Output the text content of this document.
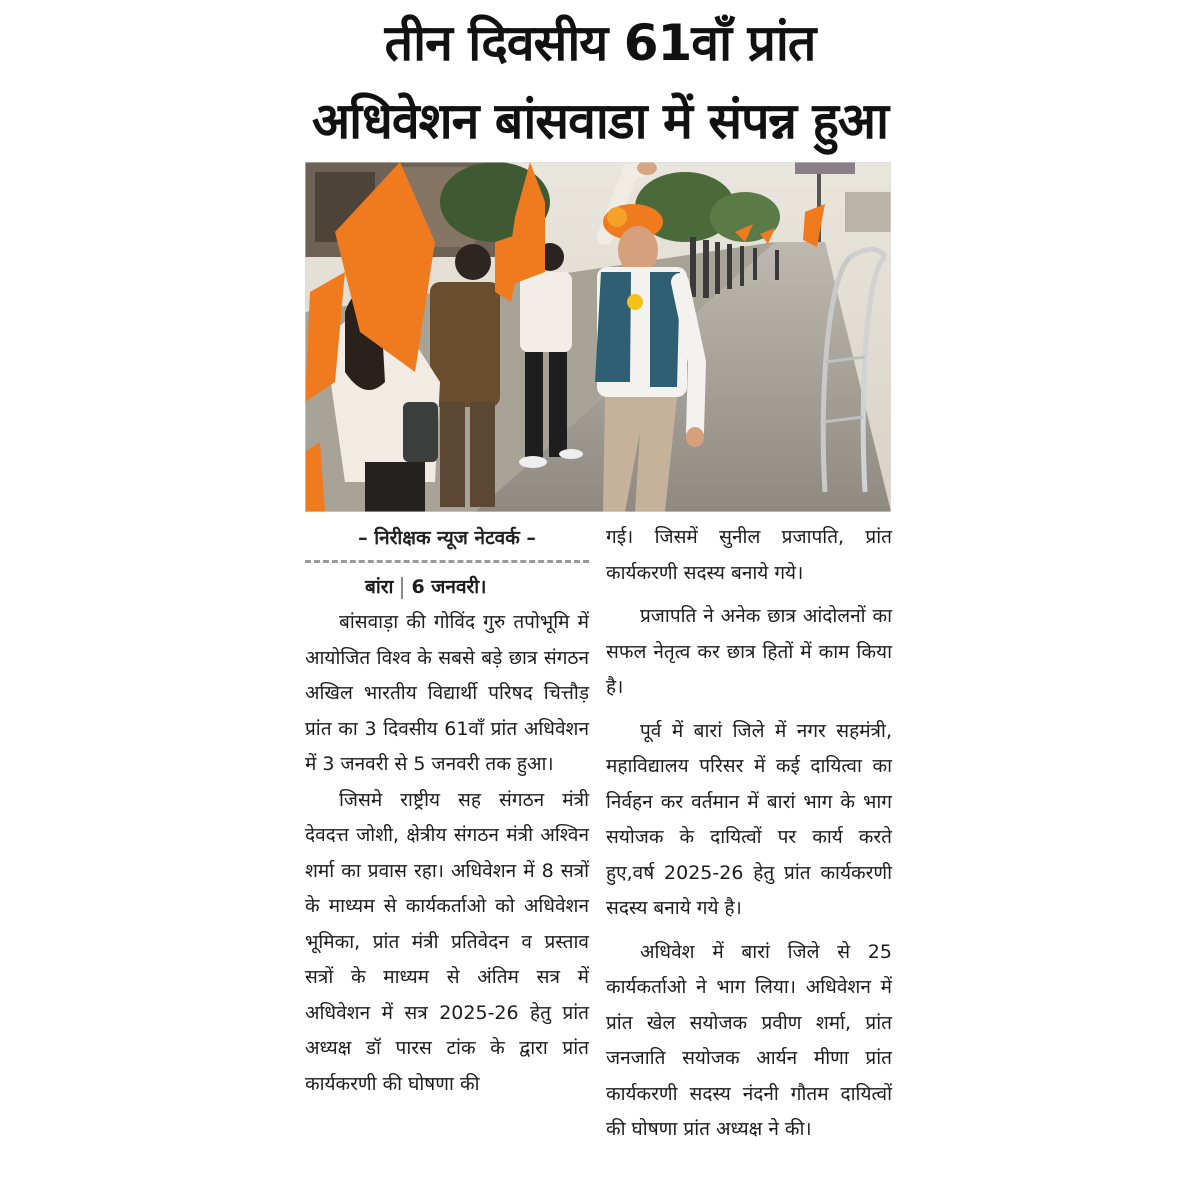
तीन दिवसीय 61वाँ प्रांत
अधिवेशन बांसवाडा में संपन्न हुआ
– निरीक्षक न्यूज नेटवर्क –
बांरा 6 जनवरी।

बांसवाड़ा की गोविंद गुरु तपोभूमि में आयोजित विश्व के सबसे बड़े छात्र संगठन अखिल भारतीय विद्यार्थी परिषद चित्तौड़ प्रांत का 3 दिवसीय 61वाँ प्रांत अधिवेशन में 3 जनवरी से 5 जनवरी तक हुआ।

जिसमे राष्ट्रीय सह संगठन मंत्री देवदत्त जोशी, क्षेत्रीय संगठन मंत्री अश्विन शर्मा का प्रवास रहा। अधिवेशन में 8 सत्रों के माध्यम से कार्यकर्ताओ को अधिवेशन भूमिका, प्रांत मंत्री प्रतिवेदन व प्रस्ताव सत्रों के माध्यम से अंतिम सत्र में अधिवेशन में सत्र 2025-26 हेतु प्रांत अध्यक्ष डॉ पारस टांक के द्वारा प्रांत कार्यकरणी की घोषणा की

गई। जिसमें सुनील प्रजापति, प्रांत कार्यकरणी सदस्य बनाये गये।

प्रजापति ने अनेक छात्र आंदोलनों का सफल नेतृत्व कर छात्र हितों में काम किया है।

पूर्व में बारां जिले में नगर सहमंत्री, महाविद्यालय परिसर में कई दायित्वा का निर्वहन कर वर्तमान में बारां भाग के भाग सयोजक के दायित्वों पर कार्य करते हुए,वर्ष 2025-26 हेतु प्रांत कार्यकरणी सदस्य बनाये गये है।

अधिवेश में बारां जिले से 25 कार्यकर्ताओ ने भाग लिया। अधिवेशन में प्रांत खेल सयोजक प्रवीण शर्मा, प्रांत जनजाति सयोजक आर्यन मीणा प्रांत कार्यकरणी सदस्य नंदनी गौतम दायित्वों की घोषणा प्रांत अध्यक्ष ने की।
